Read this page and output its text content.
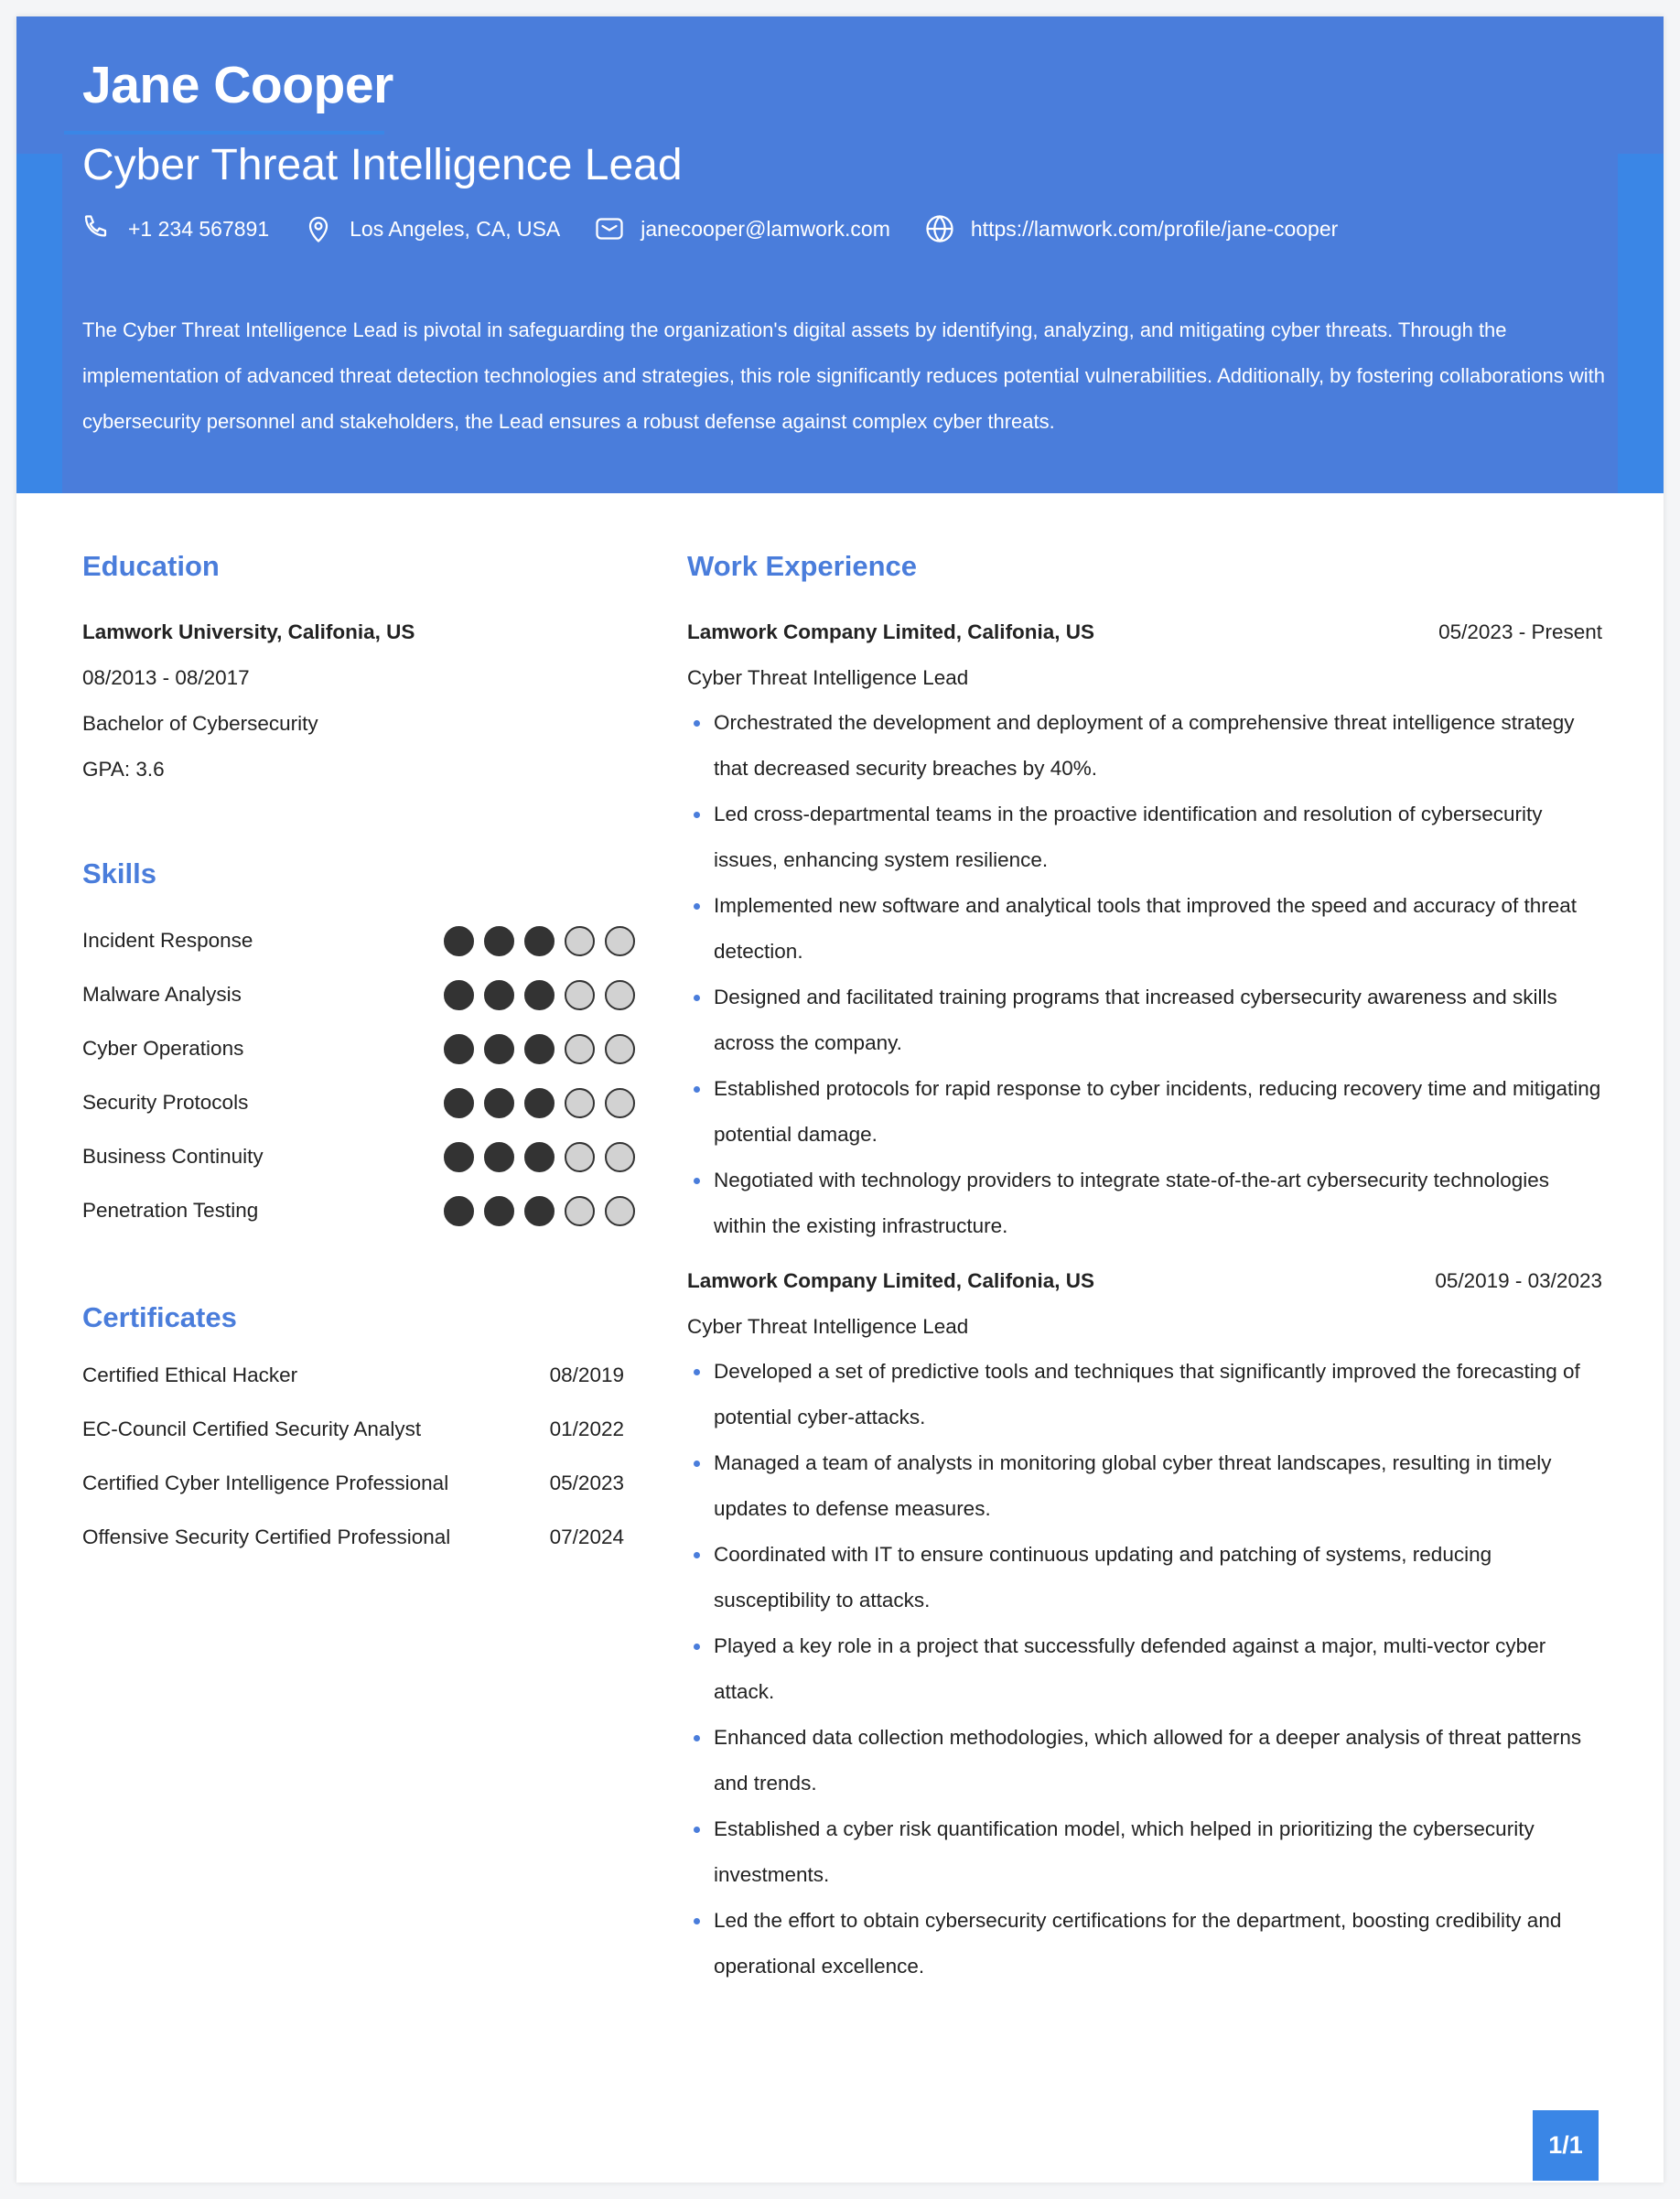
Jane Cooper
Cyber Threat Intelligence Lead
+1 234 567891	Los Angeles, CA, USA	janecooper@lamwork.com	https://lamwork.com/profile/jane-cooper
The Cyber Threat Intelligence Lead is pivotal in safeguarding the organization's digital assets by identifying, analyzing, and mitigating cyber threats. Through the implementation of advanced threat detection technologies and strategies, this role significantly reduces potential vulnerabilities. Additionally, by fostering collaborations with cybersecurity personnel and stakeholders, the Lead ensures a robust defense against complex cyber threats.
Education
Lamwork University, Califonia, US
08/2013 - 08/2017
Bachelor of Cybersecurity
GPA: 3.6
Skills
Incident Response
Malware Analysis
Cyber Operations
Security Protocols
Business Continuity
Penetration Testing
Certificates
Certified Ethical Hacker	08/2019
EC-Council Certified Security Analyst	01/2022
Certified Cyber Intelligence Professional	05/2023
Offensive Security Certified Professional	07/2024
Work Experience
Lamwork Company Limited, Califonia, US	05/2023 - Present
Cyber Threat Intelligence Lead
Orchestrated the development and deployment of a comprehensive threat intelligence strategy that decreased security breaches by 40%.
Led cross-departmental teams in the proactive identification and resolution of cybersecurity issues, enhancing system resilience.
Implemented new software and analytical tools that improved the speed and accuracy of threat detection.
Designed and facilitated training programs that increased cybersecurity awareness and skills across the company.
Established protocols for rapid response to cyber incidents, reducing recovery time and mitigating potential damage.
Negotiated with technology providers to integrate state-of-the-art cybersecurity technologies within the existing infrastructure.
Lamwork Company Limited, Califonia, US	05/2019 - 03/2023
Cyber Threat Intelligence Lead
Developed a set of predictive tools and techniques that significantly improved the forecasting of potential cyber-attacks.
Managed a team of analysts in monitoring global cyber threat landscapes, resulting in timely updates to defense measures.
Coordinated with IT to ensure continuous updating and patching of systems, reducing susceptibility to attacks.
Played a key role in a project that successfully defended against a major, multi-vector cyber attack.
Enhanced data collection methodologies, which allowed for a deeper analysis of threat patterns and trends.
Established a cyber risk quantification model, which helped in prioritizing the cybersecurity investments.
Led the effort to obtain cybersecurity certifications for the department, boosting credibility and operational excellence.
1/1
